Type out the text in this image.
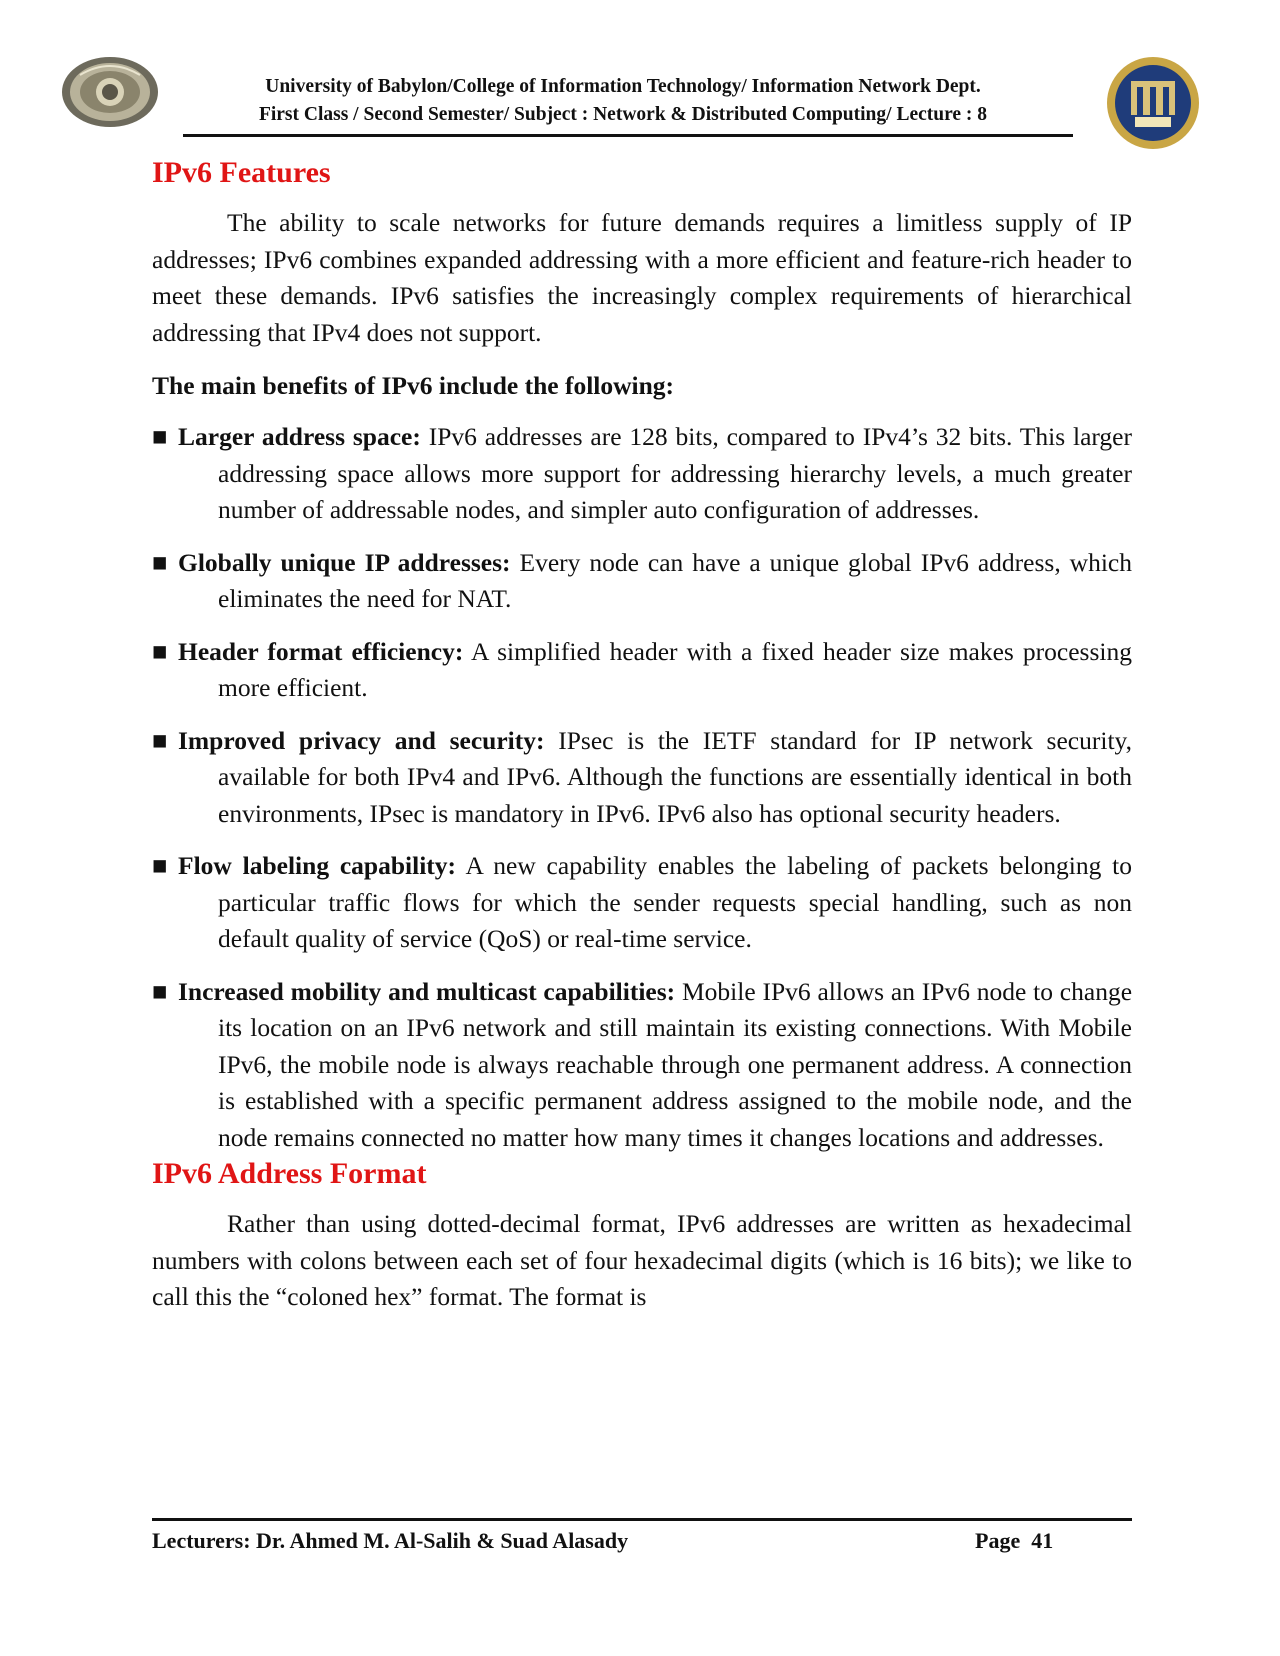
University of Babylon/College of Information Technology/ Information Network Dept.
First Class / Second Semester/ Subject : Network & Distributed Computing/ Lecture : 8
IPv6 Features

The ability to scale networks for future demands requires a limitless supply of IP addresses; IPv6 combines expanded addressing with a more efficient and feature-rich header to meet these demands. IPv6 satisfies the increasingly complex requirements of hierarchical addressing that IPv4 does not support.

The main benefits of IPv6 include the following:

■ Larger address space: IPv6 addresses are 128 bits, compared to IPv4’s 32 bits. This larger addressing space allows more support for addressing hierarchy levels, a much greater number of addressable nodes, and simpler auto configuration of addresses.

■ Globally unique IP addresses: Every node can have a unique global IPv6 address, which eliminates the need for NAT.

■ Header format efficiency: A simplified header with a fixed header size makes processing more efficient.

■ Improved privacy and security: IPsec is the IETF standard for IP network security, available for both IPv4 and IPv6. Although the functions are essentially identical in both environments, IPsec is mandatory in IPv6. IPv6 also has optional security headers.

■ Flow labeling capability: A new capability enables the labeling of packets belonging to particular traffic flows for which the sender requests special handling, such as non default quality of service (QoS) or real-time service.

■ Increased mobility and multicast capabilities: Mobile IPv6 allows an IPv6 node to change its location on an IPv6 network and still maintain its existing connections. With Mobile IPv6, the mobile node is always reachable through one permanent address. A connection is established with a specific permanent address assigned to the mobile node, and the node remains connected no matter how many times it changes locations and addresses.

IPv6 Address Format

Rather than using dotted-decimal format, IPv6 addresses are written as hexadecimal numbers with colons between each set of four hexadecimal digits (which is 16 bits); we like to call this the “coloned hex” format. The format is

Lecturers: Dr. Ahmed M. Al-Salih & Suad Alasady	Page 41
